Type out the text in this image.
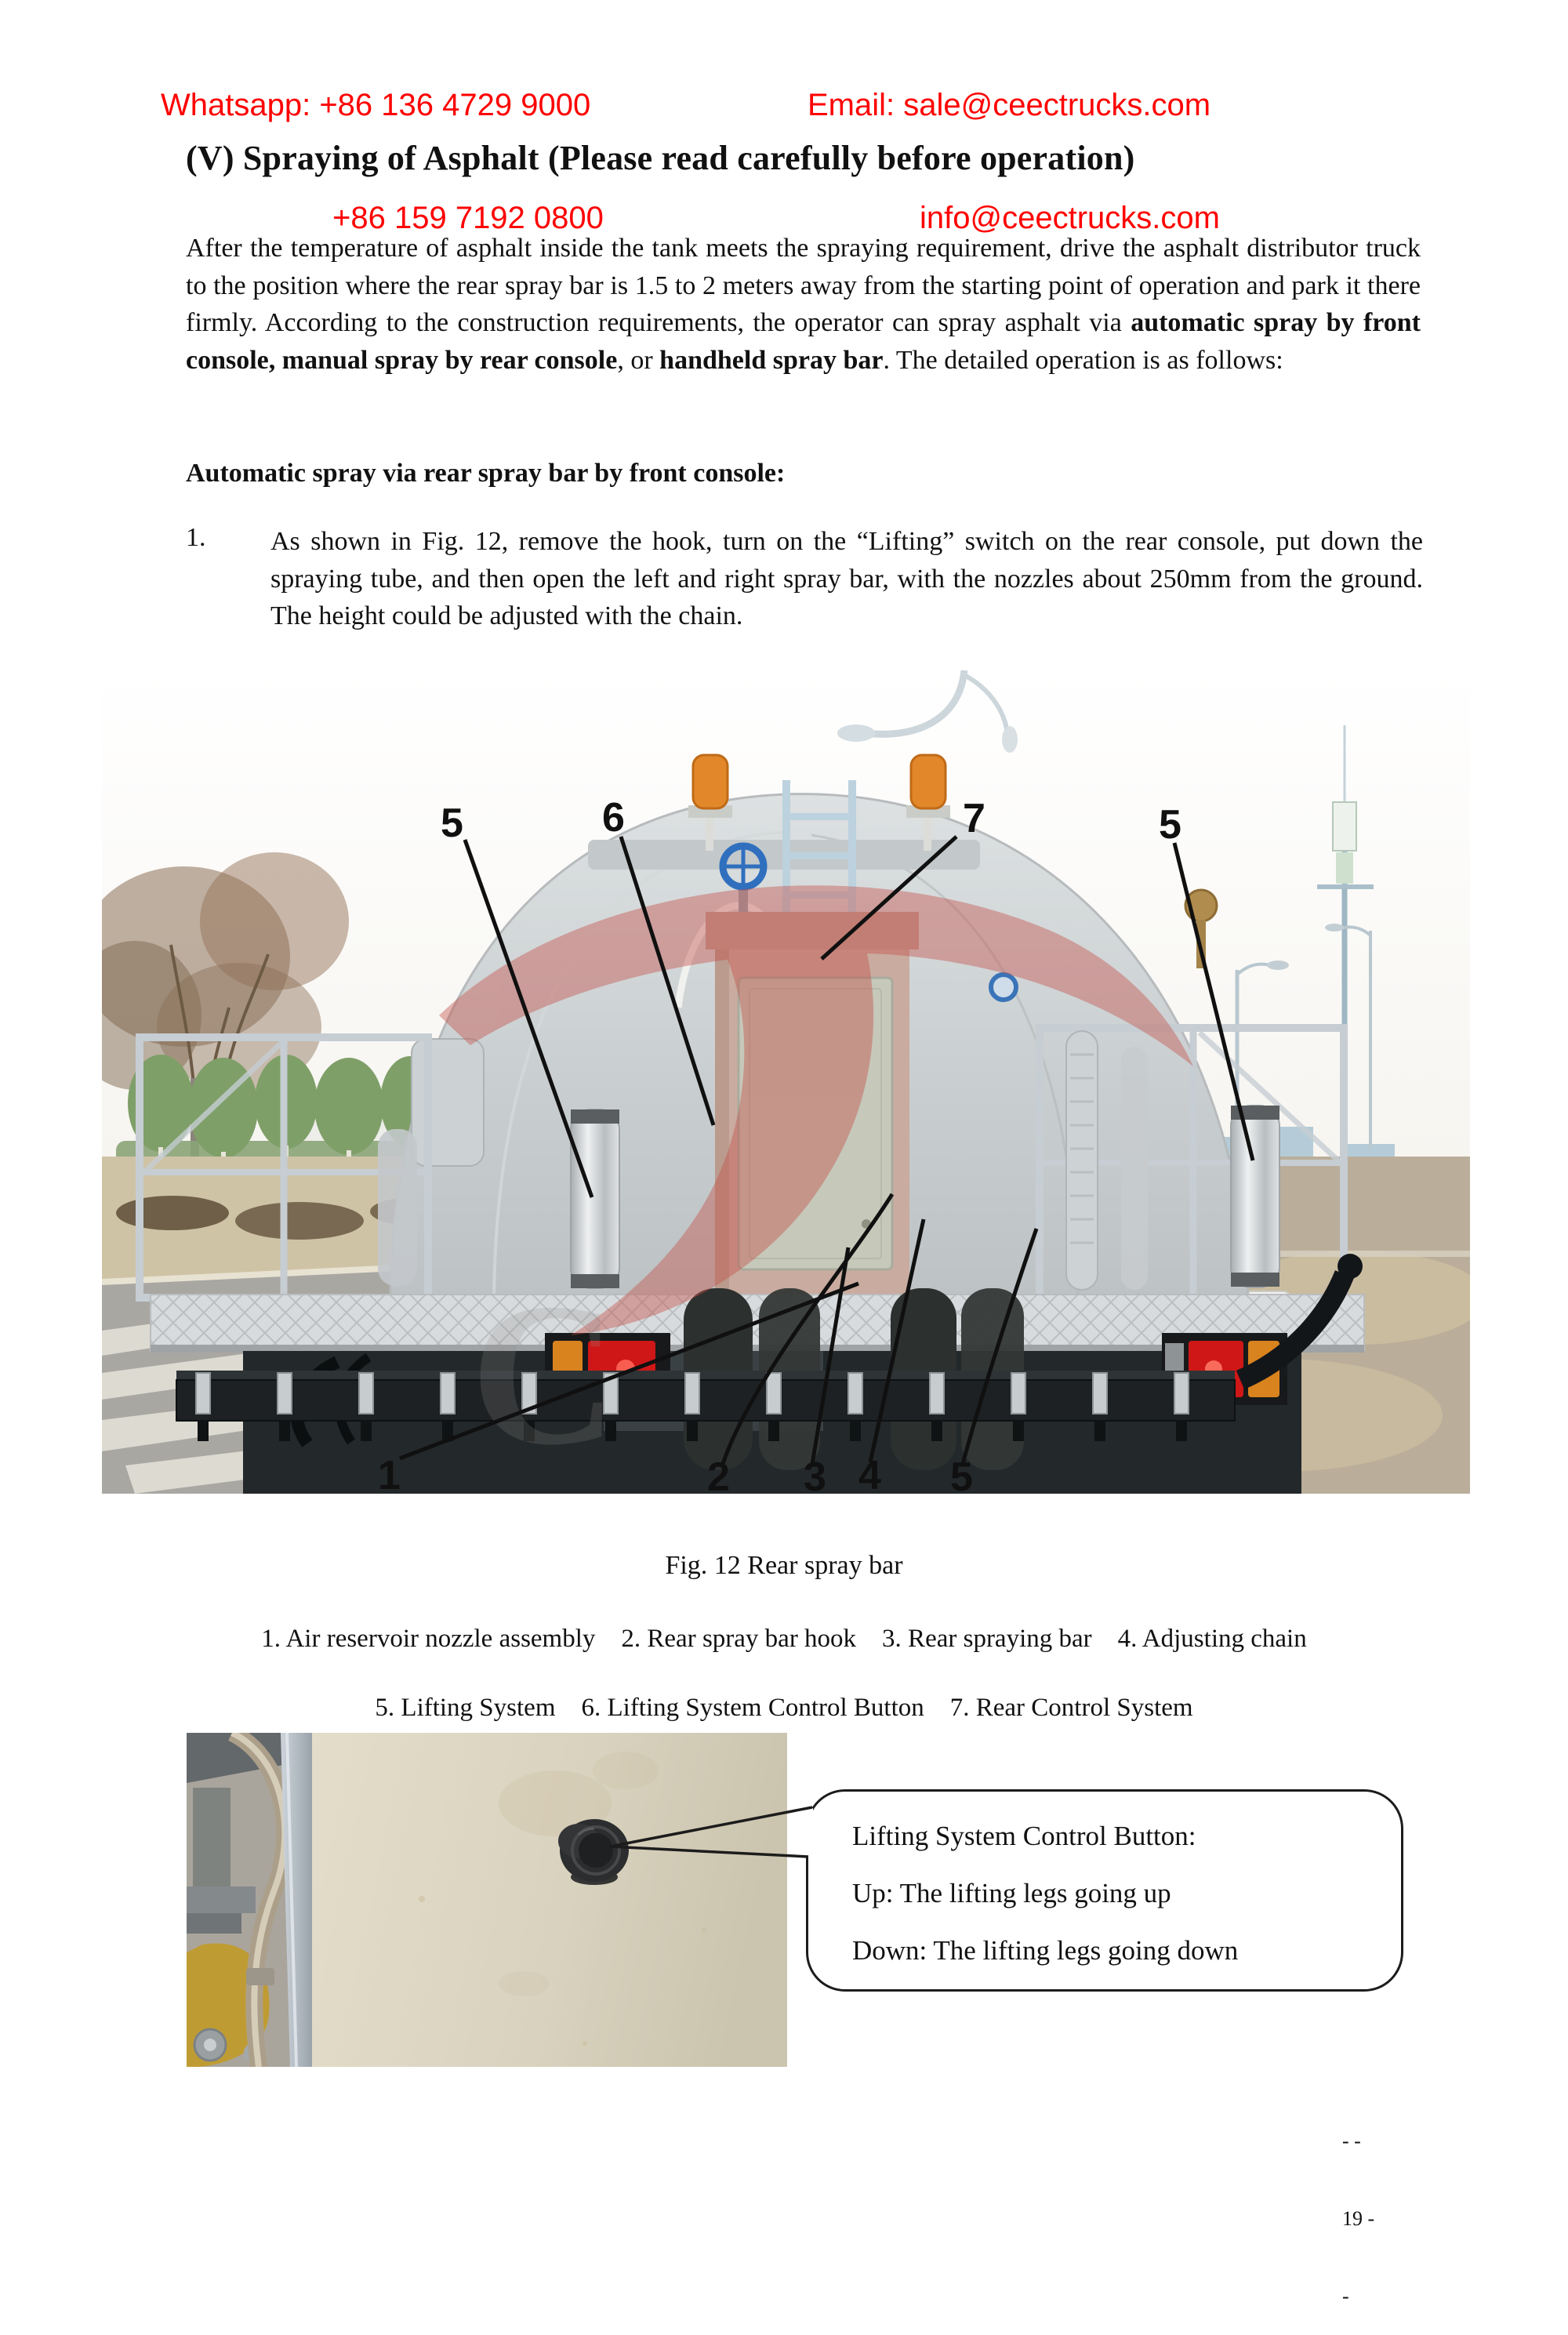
Whatsapp: +86 136 4729 9000

+86 159 7192 0800

Email: sale@ceectrucks.com

info@ceectrucks.com

(V) Spraying of Asphalt (Please read carefully before operation)
After the temperature of asphalt inside the tank meets the spraying requirement, drive the asphalt distributor truck to the position where the rear spray bar is 1.5 to 2 meters away from the starting point of operation and park it there firmly. According to the construction requirements, the operator can spray asphalt via automatic spray by front console, manual spray by rear console, or handheld spray bar. The detailed operation is as follows:
Automatic spray via rear spray bar by front console:
1. As shown in Fig. 12, remove the hook, turn on the “Lifting” switch on the rear console, put down the spraying tube, and then open the left and right spray bar, with the nozzles about 250mm from the ground. The height could be adjusted with the chain.
C
5	6	7	5
1	2 3 4 5
Fig. 12 Rear spray bar
1. Air reservoir nozzle assembly    2. Rear spray bar hook    3. Rear spraying bar    4. Adjusting chain
5. Lifting System    6. Lifting System Control Button    7. Rear Control System
Lifting System Control Button:
Up: The lifting legs going up
Down: The lifting legs going down

- -

19 -

-
